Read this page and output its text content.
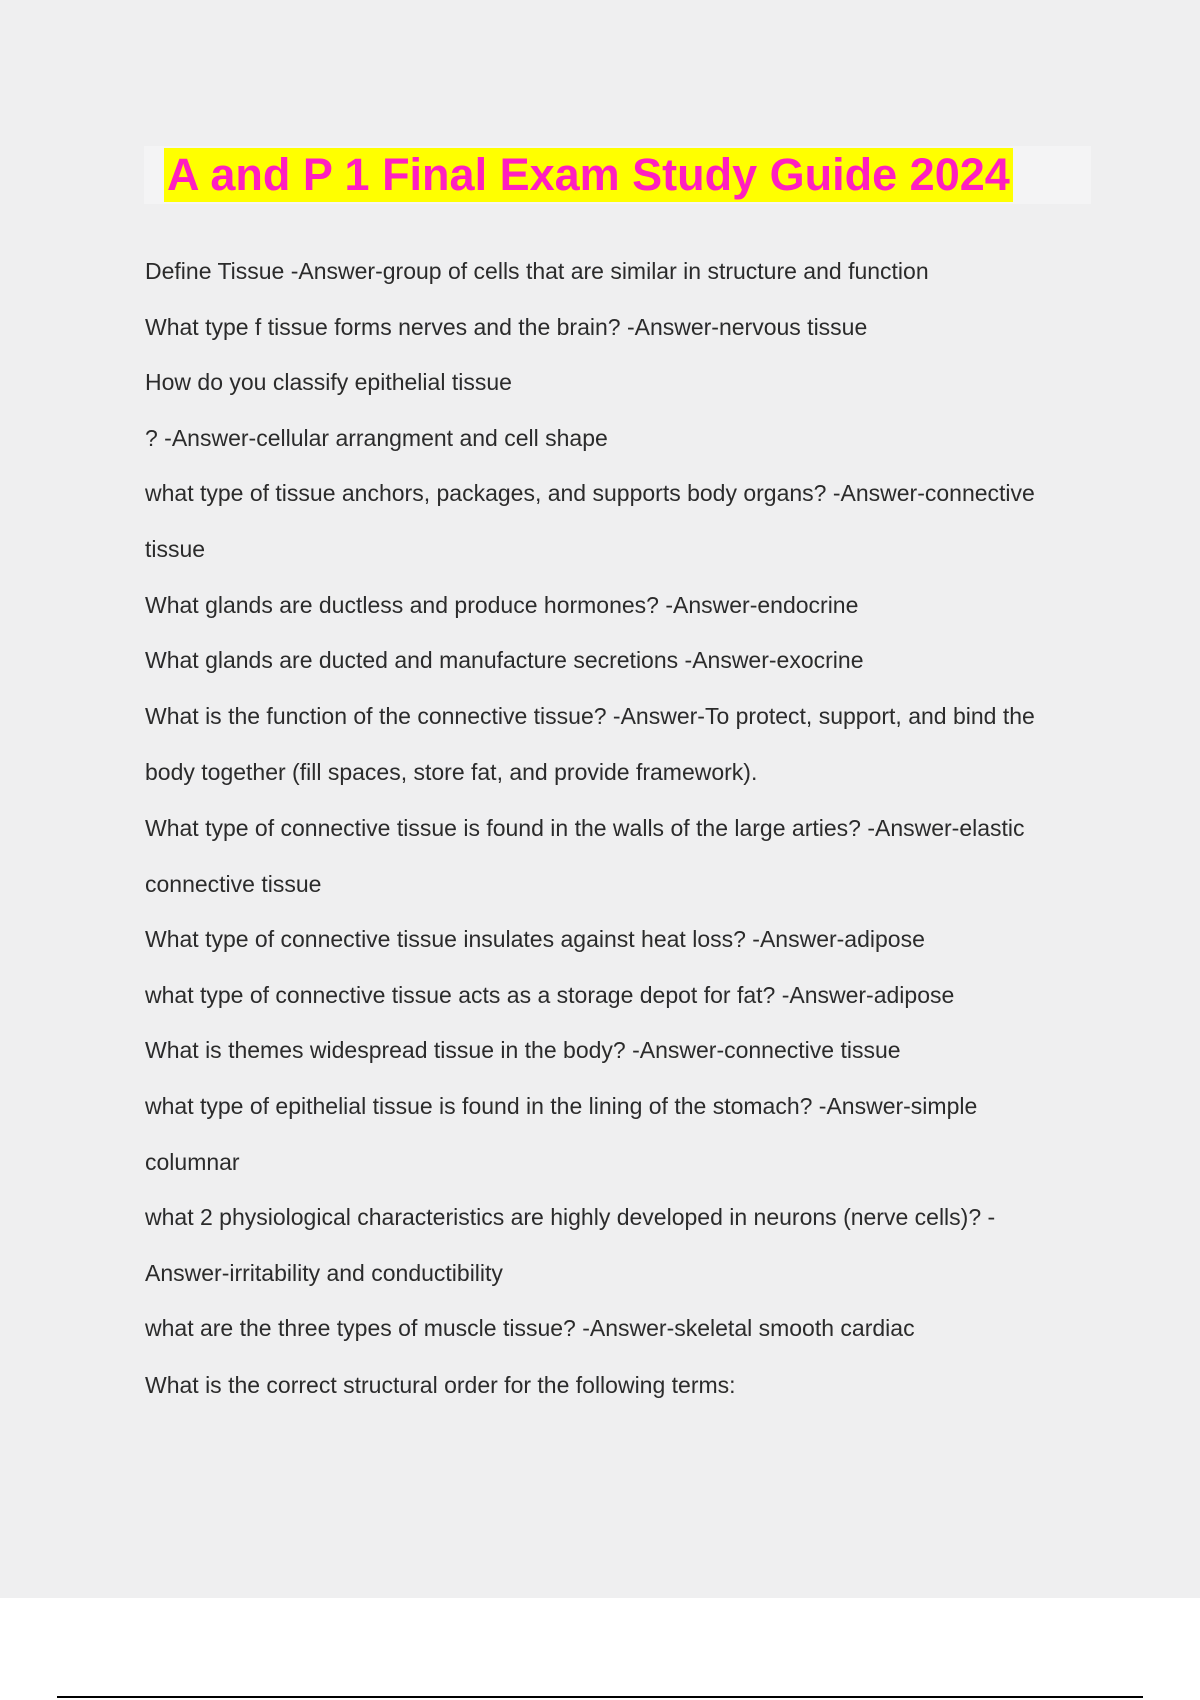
A and P 1 Final Exam Study Guide 2024

Define Tissue -Answer-group of cells that are similar in structure and function

What type f tissue forms nerves and the brain? -Answer-nervous tissue

How do you classify epithelial tissue

? -Answer-cellular arrangment and cell shape

what type of tissue anchors, packages, and supports body organs? -Answer-connective

tissue

What glands are ductless and produce hormones? -Answer-endocrine

What glands are ducted and manufacture secretions -Answer-exocrine

What is the function of the connective tissue? -Answer-To protect, support, and bind the

body together (fill spaces, store fat, and provide framework).

What type of connective tissue is found in the walls of the large arties? -Answer-elastic

connective tissue

What type of connective tissue insulates against heat loss? -Answer-adipose

what type of connective tissue acts as a storage depot for fat? -Answer-adipose

What is themes widespread tissue in the body? -Answer-connective tissue

what type of epithelial tissue is found in the lining of the stomach? -Answer-simple

columnar

what 2 physiological characteristics are highly developed in neurons (nerve cells)? -

Answer-irritability and conductibility

what are the three types of muscle tissue? -Answer-skeletal smooth cardiac

What is the correct structural order for the following terms:
